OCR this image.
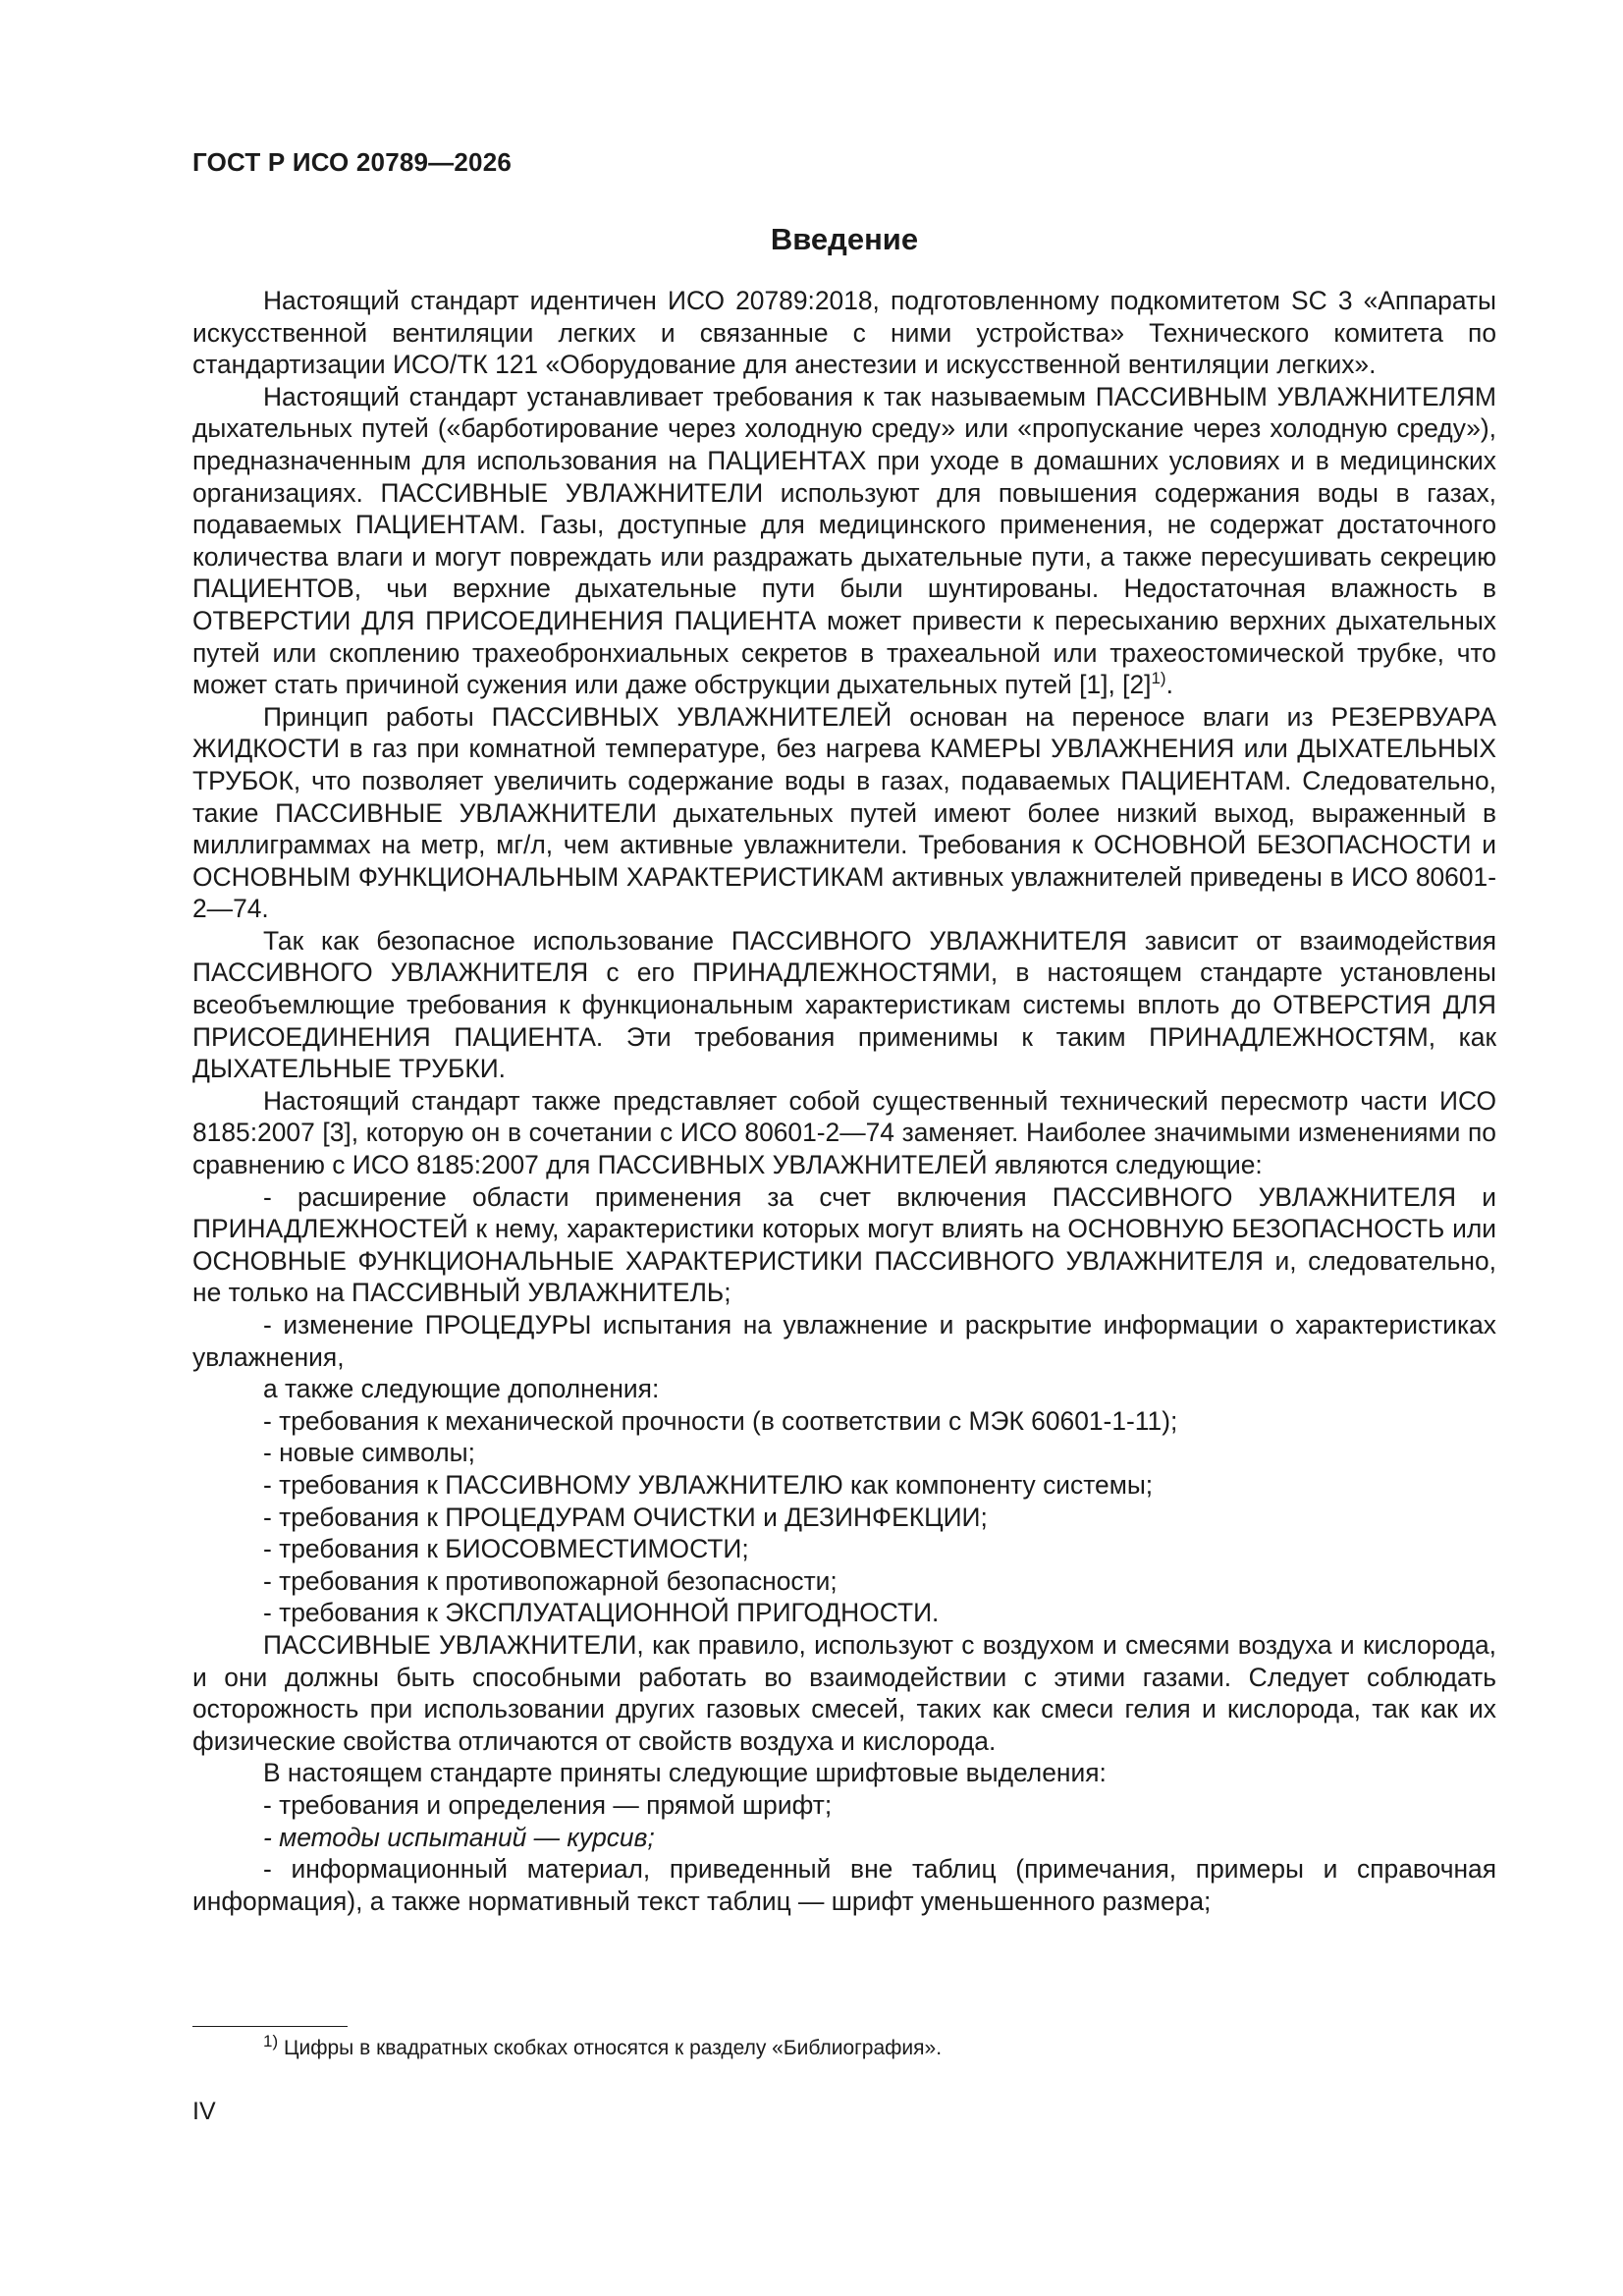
ГОСТ Р ИСО 20789—2026
Введение

Настоящий стандарт идентичен ИСО 20789:2018, подготовленному подкомитетом SC 3 «Аппараты искусственной вентиляции легких и связанные с ними устройства» Технического комитета по стандартизации ИСО/ТК 121 «Оборудование для анестезии и искусственной вентиляции легких».

Настоящий стандарт устанавливает требования к так называемым ПАССИВНЫМ УВЛАЖНИТЕЛЯМ дыхательных путей («барботирование через холодную среду» или «пропускание через холодную среду»), предназначенным для использования на ПАЦИЕНТАХ при уходе в домашних условиях и в медицинских организациях. ПАССИВНЫЕ УВЛАЖНИТЕЛИ используют для повышения содержания воды в газах, подаваемых ПАЦИЕНТАМ. Газы, доступные для медицинского применения, не содержат достаточного количества влаги и могут повреждать или раздражать дыхательные пути, а также пересушивать секрецию ПАЦИЕНТОВ, чьи верхние дыхательные пути были шунтированы. Недостаточная влажность в ОТВЕРСТИИ ДЛЯ ПРИСОЕДИНЕНИЯ ПАЦИЕНТА может привести к пересыханию верхних дыхательных путей или скоплению трахеобронхиальных секретов в трахеальной или трахеостомической трубке, что может стать причиной сужения или даже обструкции дыхательных путей [1], $[2]^{1)}$.

Принцип работы ПАССИВНЫХ УВЛАЖНИТЕЛЕЙ основан на переносе влаги из РЕЗЕРВУАРА ЖИДКОСТИ в газ при комнатной температуре, без нагрева КАМЕРЫ УВЛАЖНЕНИЯ или ДЫХАТЕЛЬНЫХ ТРУБОК, что позволяет увеличить содержание воды в газах, подаваемых ПАЦИЕНТАМ. Следовательно, такие ПАССИВНЫЕ УВЛАЖНИТЕЛИ дыхательных путей имеют более низкий выход, выраженный в миллиграммах на метр, мг/л, чем активные увлажнители. Требования к ОСНОВНОЙ БЕЗОПАСНОСТИ и ОСНОВНЫМ ФУНКЦИОНАЛЬНЫМ ХАРАКТЕРИСТИКАМ активных увлажнителей приведены в ИСО 80601-2—74.

Так как безопасное использование ПАССИВНОГО УВЛАЖНИТЕЛЯ зависит от взаимодействия ПАССИВНОГО УВЛАЖНИТЕЛЯ с его ПРИНАДЛЕЖНОСТЯМИ, в настоящем стандарте установлены всеобъемлющие требования к функциональным характеристикам системы вплоть до ОТВЕРСТИЯ ДЛЯ ПРИСОЕДИНЕНИЯ ПАЦИЕНТА. Эти требования применимы к таким ПРИНАДЛЕЖНОСТЯМ, как ДЫХАТЕЛЬНЫЕ ТРУБКИ.

Настоящий стандарт также представляет собой существенный технический пересмотр части ИСО 8185:2007 [3], которую он в сочетании с ИСО 80601-2—74 заменяет. Наиболее значимыми изменениями по сравнению с ИСО 8185:2007 для ПАССИВНЫХ УВЛАЖНИТЕЛЕЙ являются следующие:

- расширение области применения за счет включения ПАССИВНОГО УВЛАЖНИТЕЛЯ и ПРИНАДЛЕЖНОСТЕЙ к нему, характеристики которых могут влиять на ОСНОВНУЮ БЕЗОПАСНОСТЬ или ОСНОВНЫЕ ФУНКЦИОНАЛЬНЫЕ ХАРАКТЕРИСТИКИ ПАССИВНОГО УВЛАЖНИТЕЛЯ и, следовательно, не только на ПАССИВНЫЙ УВЛАЖНИТЕЛЬ;

- изменение ПРОЦЕДУРЫ испытания на увлажнение и раскрытие информации о характеристиках увлажнения,

а также следующие дополнения:

- требования к механической прочности (в соответствии с МЭК 60601-1-11);

- новые символы;

- требования к ПАССИВНОМУ УВЛАЖНИТЕЛЮ как компоненту системы;

- требования к ПРОЦЕДУРАМ ОЧИСТКИ и ДЕЗИНФЕКЦИИ;

- требования к БИОСОВМЕСТИМОСТИ;

- требования к противопожарной безопасности;

- требования к ЭКСПЛУАТАЦИОННОЙ ПРИГОДНОСТИ.

ПАССИВНЫЕ УВЛАЖНИТЕЛИ, как правило, используют с воздухом и смесями воздуха и кислорода, и они должны быть способными работать во взаимодействии с этими газами. Следует соблюдать осторожность при использовании других газовых смесей, таких как смеси гелия и кислорода, так как их физические свойства отличаются от свойств воздуха и кислорода.

В настоящем стандарте приняты следующие шрифтовые выделения:

- требования и определения — прямой шрифт;

- методы испытаний — курсив;

- информационный материал, приведенный вне таблиц (примечания, примеры и справочная информация), а также нормативный текст таблиц — шрифт уменьшенного размера;

$^{1)}$ Цифры в квадратных скобках относятся к разделу «Библиография».
IV
